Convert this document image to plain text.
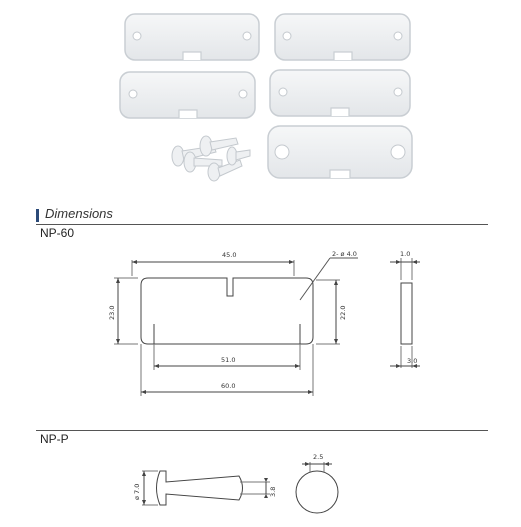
Dimensions
NP-60
45.0	2- ø 4.0
23.0	22.0
51.0
60.0
1.0
3.0
ø 7.0	3.8
2.5
NP-P
